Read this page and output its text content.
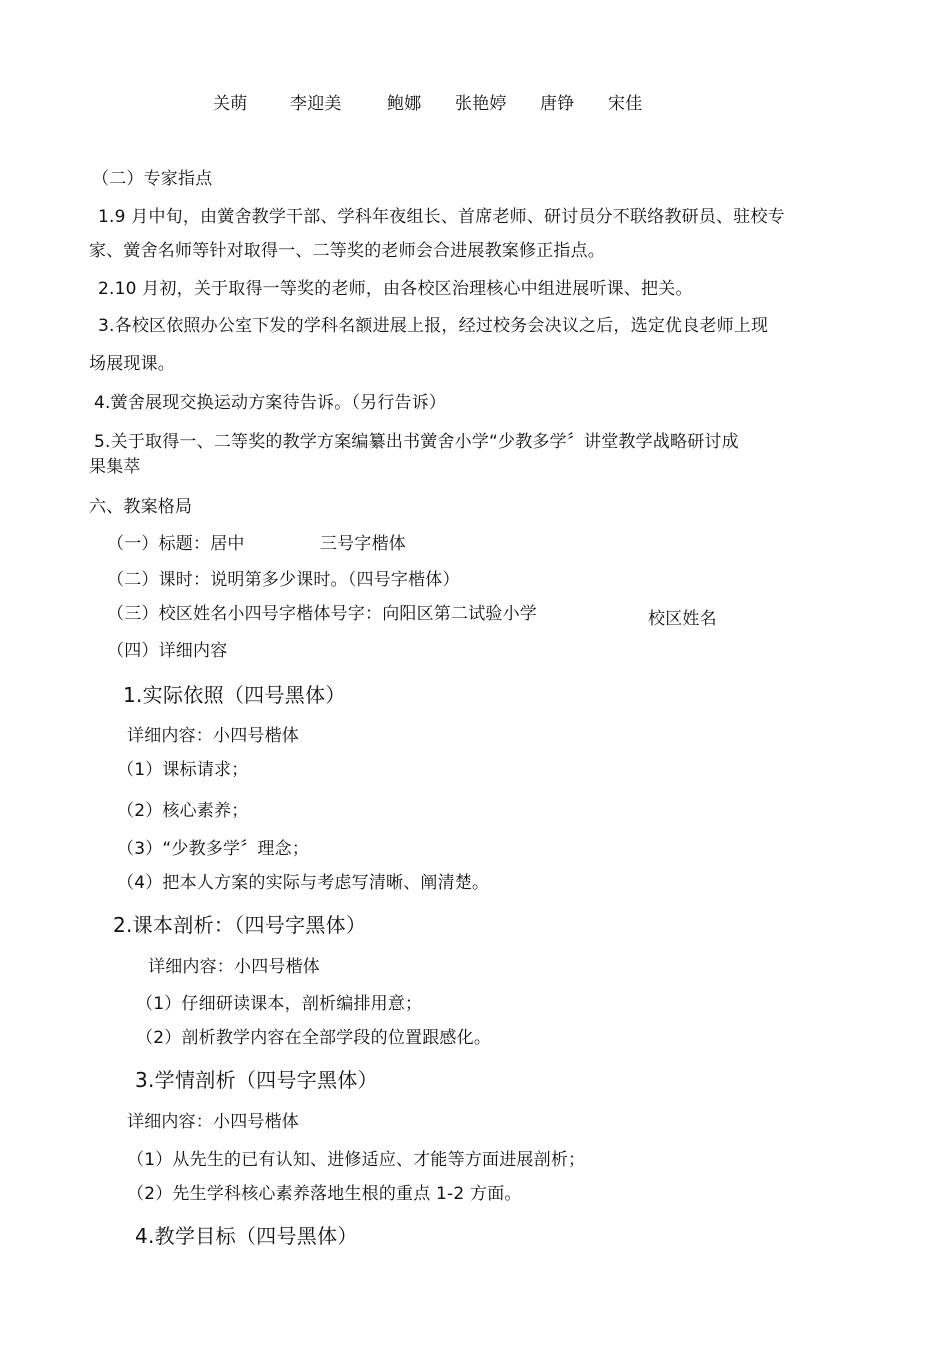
关萌	李迎美	鲍娜 张艳婷 唐铮 宋佳
（二）专家指点
1.9 月中旬，由黉舍教学干部、学科年夜组长、首席老师、研讨员分不联络教研员、驻校专
家、黉舍名师等针对取得一、二等奖的老师会合进展教案修正指点。
2.10 月初，关于取得一等奖的老师，由各校区治理核心中组进展听课、把关。
3.各校区依照办公室下发的学科名额进展上报，经过校务会决议之后，选定优良老师上现
场展现课。
4.黉舍展现交换运动方案待告诉。（另行告诉）
5.关于取得一、二等奖的教学方案编纂出书黉舍小学“少教多学〞讲堂教学战略研讨成
果集萃
六、教案格局
（一）标题：居中	三号字楷体
（二）课时：说明第多少课时。（四号字楷体）
（三）校区姓名小四号字楷体号字：向阳区第二试验小学	校区姓名
（四）详细内容
1.实际依照（四号黑体）
详细内容：小四号楷体
（1）课标请求；
（2）核心素养；
（3）“少教多学〞理念；
（4）把本人方案的实际与考虑写清晰、阐清楚。
2.课本剖析：（四号字黑体）
详细内容：小四号楷体
（1）仔细研读课本，剖析编排用意；
（2）剖析教学内容在全部学段的位置跟感化。
3.学情剖析（四号字黑体）
详细内容：小四号楷体
（1）从先生的已有认知、进修适应、才能等方面进展剖析；
（2）先生学科核心素养落地生根的重点 1-2 方面。
4.教学目标（四号黑体）
